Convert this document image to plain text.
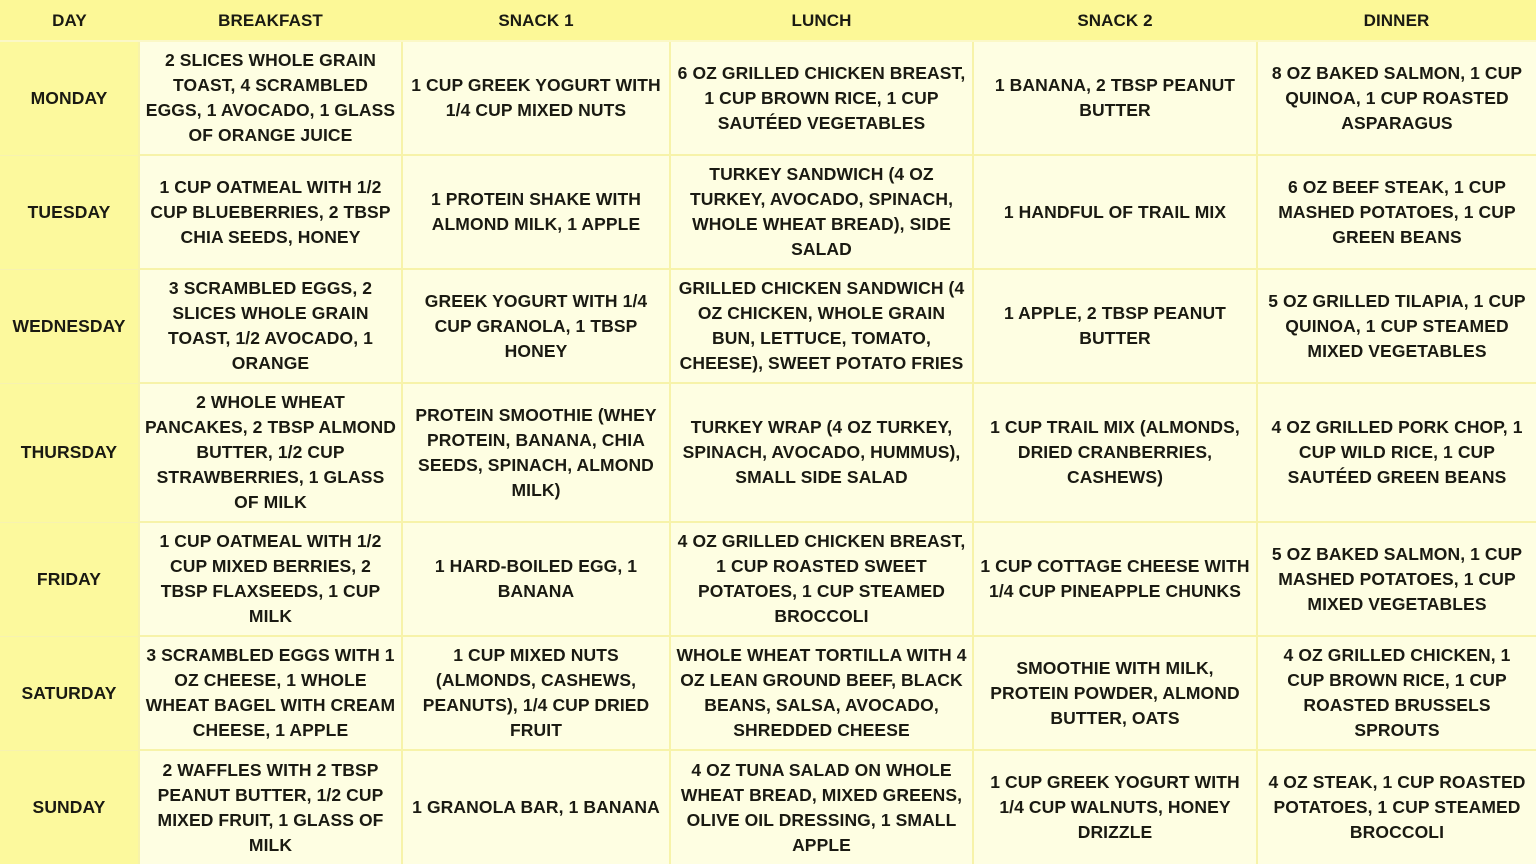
DAY	BREAKFAST	SNACK 1	LUNCH	SNACK 2	DINNER
MONDAY	2 SLICES WHOLE GRAIN TOAST, 4 SCRAMBLED EGGS, 1 AVOCADO, 1 GLASS OF ORANGE JUICE	1 CUP GREEK YOGURT WITH 1/4 CUP MIXED NUTS	6 OZ GRILLED CHICKEN BREAST, 1 CUP BROWN RICE, 1 CUP SAUTÉED VEGETABLES	1 BANANA, 2 TBSP PEANUT BUTTER	8 OZ BAKED SALMON, 1 CUP QUINOA, 1 CUP ROASTED ASPARAGUS
TUESDAY	1 CUP OATMEAL WITH 1/2 CUP BLUEBERRIES, 2 TBSP CHIA SEEDS, HONEY	1 PROTEIN SHAKE WITH ALMOND MILK, 1 APPLE	TURKEY SANDWICH (4 OZ TURKEY, AVOCADO, SPINACH, WHOLE WHEAT BREAD), SIDE SALAD	1 HANDFUL OF TRAIL MIX	6 OZ BEEF STEAK, 1 CUP MASHED POTATOES, 1 CUP GREEN BEANS
WEDNESDAY	3 SCRAMBLED EGGS, 2 SLICES WHOLE GRAIN TOAST, 1/2 AVOCADO, 1 ORANGE	GREEK YOGURT WITH 1/4 CUP GRANOLA, 1 TBSP HONEY	GRILLED CHICKEN SANDWICH (4 OZ CHICKEN, WHOLE GRAIN BUN, LETTUCE, TOMATO, CHEESE), SWEET POTATO FRIES	1 APPLE, 2 TBSP PEANUT BUTTER	5 OZ GRILLED TILAPIA, 1 CUP QUINOA, 1 CUP STEAMED MIXED VEGETABLES
THURSDAY	2 WHOLE WHEAT PANCAKES, 2 TBSP ALMOND BUTTER, 1/2 CUP STRAWBERRIES, 1 GLASS OF MILK	PROTEIN SMOOTHIE (WHEY PROTEIN, BANANA, CHIA SEEDS, SPINACH, ALMOND MILK)	TURKEY WRAP (4 OZ TURKEY, SPINACH, AVOCADO, HUMMUS), SMALL SIDE SALAD	1 CUP TRAIL MIX (ALMONDS, DRIED CRANBERRIES, CASHEWS)	4 OZ GRILLED PORK CHOP, 1 CUP WILD RICE, 1 CUP SAUTÉED GREEN BEANS
FRIDAY	1 CUP OATMEAL WITH 1/2 CUP MIXED BERRIES, 2 TBSP FLAXSEEDS, 1 CUP MILK	1 HARD-BOILED EGG, 1 BANANA	4 OZ GRILLED CHICKEN BREAST, 1 CUP ROASTED SWEET POTATOES, 1 CUP STEAMED BROCCOLI	1 CUP COTTAGE CHEESE WITH 1/4 CUP PINEAPPLE CHUNKS	5 OZ BAKED SALMON, 1 CUP MASHED POTATOES, 1 CUP MIXED VEGETABLES
SATURDAY	3 SCRAMBLED EGGS WITH 1 OZ CHEESE, 1 WHOLE WHEAT BAGEL WITH CREAM CHEESE, 1 APPLE	1 CUP MIXED NUTS (ALMONDS, CASHEWS, PEANUTS), 1/4 CUP DRIED FRUIT	WHOLE WHEAT TORTILLA WITH 4 OZ LEAN GROUND BEEF, BLACK BEANS, SALSA, AVOCADO, SHREDDED CHEESE	SMOOTHIE WITH MILK, PROTEIN POWDER, ALMOND BUTTER, OATS	4 OZ GRILLED CHICKEN, 1 CUP BROWN RICE, 1 CUP ROASTED BRUSSELS SPROUTS
SUNDAY	2 WAFFLES WITH 2 TBSP PEANUT BUTTER, 1/2 CUP MIXED FRUIT, 1 GLASS OF MILK	1 GRANOLA BAR, 1 BANANA	4 OZ TUNA SALAD ON WHOLE WHEAT BREAD, MIXED GREENS, OLIVE OIL DRESSING, 1 SMALL APPLE	1 CUP GREEK YOGURT WITH 1/4 CUP WALNUTS, HONEY DRIZZLE	4 OZ STEAK, 1 CUP ROASTED POTATOES, 1 CUP STEAMED BROCCOLI
